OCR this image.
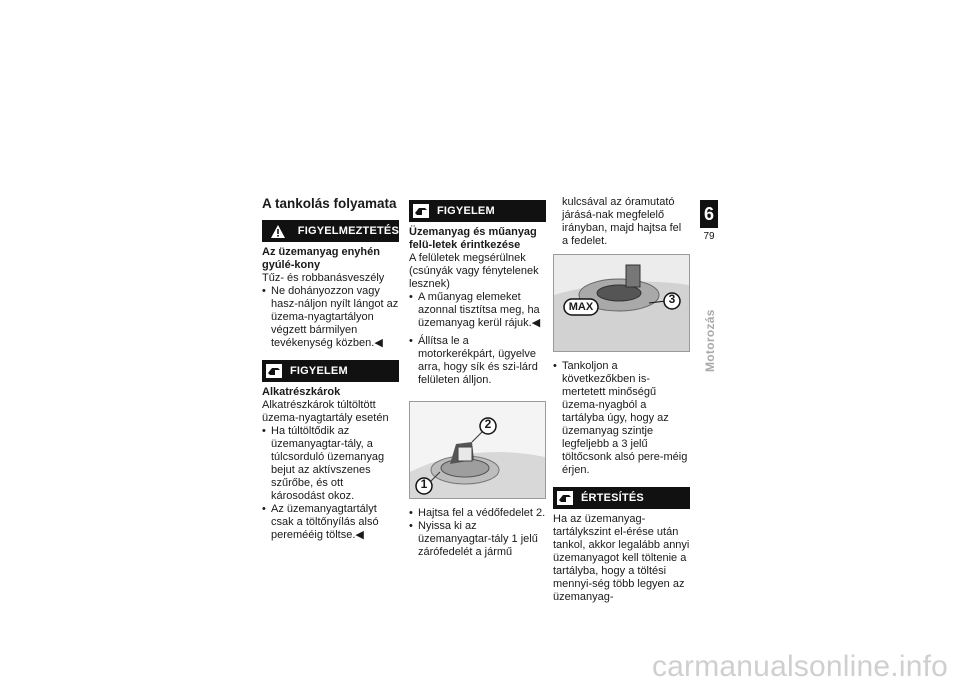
A tankolás folyamata
FIGYELMEZTETÉS
Az üzemanyag enyhén gyúlé-kony
Tűz- és robbanásveszély
• Ne dohányozzon vagy hasz-náljon nyílt lángot az üzema-nyagtartályon végzett bármilyen tevékenység közben.◀
FIGYELEM
Alkatrészkárok
Alkatrészkárok túltöltött üzema-nyagtartály esetén
• Ha túltöltődik az üzemanyagtar-tály, a túlcsorduló üzemanyag bejut az aktívszenes szűrőbe, és ott károsodást okoz.
• Az üzemanyagtartályt csak a töltőnyílás alsó peremééig töltse.◀
FIGYELEM
Üzemanyag és műanyag felü-letek érintkezése
A felületek megsérülnek (csúnyák vagy fénytelenek lesznek)
• A műanyag elemeket azonnal tisztítsa meg, ha üzemanyag kerül rájuk.◀
• Állítsa le a motorkerékpárt, ügyelve arra, hogy sík és szi-lárd felületen álljon.
2
1
• Hajtsa fel a védőfedelet 2.
• Nyissa ki az üzemanyagtar-tály 1 jelű zárófedelét a jármű
kulcsával az óramutató járásá-nak megfelelő irányban, majd hajtsa fel a fedelet.
MAX
3
• Tankoljon a következőkben is-mertetett minőségű üzema-nyagból a tartályba úgy, hogy az üzemanyag szintje legfeljebb a 3 jelű töltőcsonk alsó pere-méig érjen.
ÉRTESÍTÉS
Ha az üzemanyag-tartálykszint el-érése után tankol, akkor legalább annyi üzemanyagot kell töltenie a tartályba, hogy a töltési mennyi-ség több legyen az üzemanyag-
6
79
Motorozás
carmanualsonline.info
